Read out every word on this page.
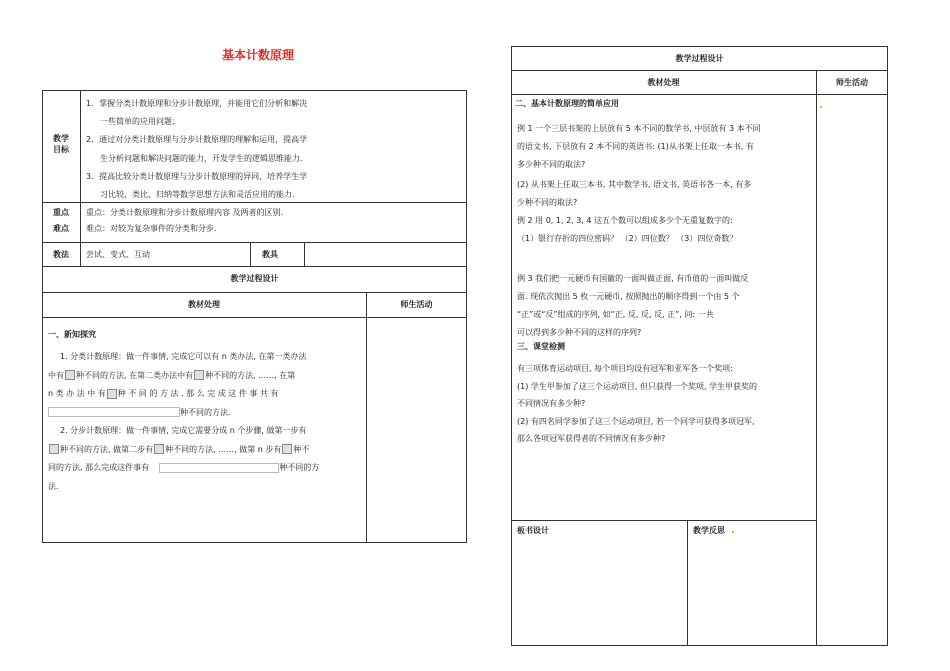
基本计数原理
教学
目标
1．掌握分类计数原理和分步计数原理，并能用它们分析和解决
一些简单的应用问题；
2．通过对分类计数原理与分步计数原理的理解和运用，提高学
生分析问题和解决问题的能力，开发学生的逻辑思维能力.
3．提高比较分类计数原理与分步计数原理的异同，培养学生学
习比较、类比、归纳等数学思想方法和灵活应用的能力.
重点
难点
重点：分类计数原理和分步计数原理内容 及两者的区别.
难点：对较为复杂事件的分类和分步.
教法	尝试、变式、互动	教具
教学过程设计
教材处理	师生活动
一、新知探究
1. 分类计数原理：做一件事情, 完成它可以有 n 类办法, 在第一类办法
中有 种不同的方法, 在第二类办法中有 种不同的方法, ……, 在第
n 类 办 法 中 有 种 不 同 的 方 法 . 那 么 完 成 这 件 事 共 有
种不同的方法.
2. 分步计数原理：做一件事情, 完成它需要分成 n 个步骤, 做第一步有
种不同的方法, 做第二步有 种不同的方法, ……, 做第 n 步有 种不
同的方法, 那么完成这件事有	种不同的方
法.
教学过程设计
教材处理	师生活动
二、基本计数原理的简单应用
例 1 一个三层书架的上层放有 5 本不同的数学书, 中层放有 3 本不同
的语文书, 下层放有 2 本不同的英语书: (1)从书架上任取一本书, 有
多少种不同的取法?
(2) 从书架上任取三本书, 其中数学书, 语文书, 英语书各一本, 有多
少种不同的取法?
例 2 用 0, 1, 2, 3, 4 这五个数可以组成多少个无重复数字的:
（1）银行存折的四位密码？ （2）四位数？ （3）四位奇数？
例 3 我们把一元硬币有国徽的一面叫做正面, 有币值的一面叫做反
面. 现依次抛出 5 枚一元硬币, 按照抛出的顺序得到一个由 5 个
“正”或“反”组成的序列, 如“正, 反, 反, 反, 正”, 问: 一共
可以得到多少种不同的这样的序列?
三、课堂检测
有三项体育运动项目, 每个项目均设有冠军和亚军各一个奖项:
(1) 学生甲参加了这三个运动项目, 但只获得一个奖项, 学生甲获奖的
不同情况有多少种?
(2) 有四名同学参加了这三个运动项目, 若一个同学可获得多项冠军,
那么各项冠军获得者的不同情况有多少种?
板书设计	教学反思
